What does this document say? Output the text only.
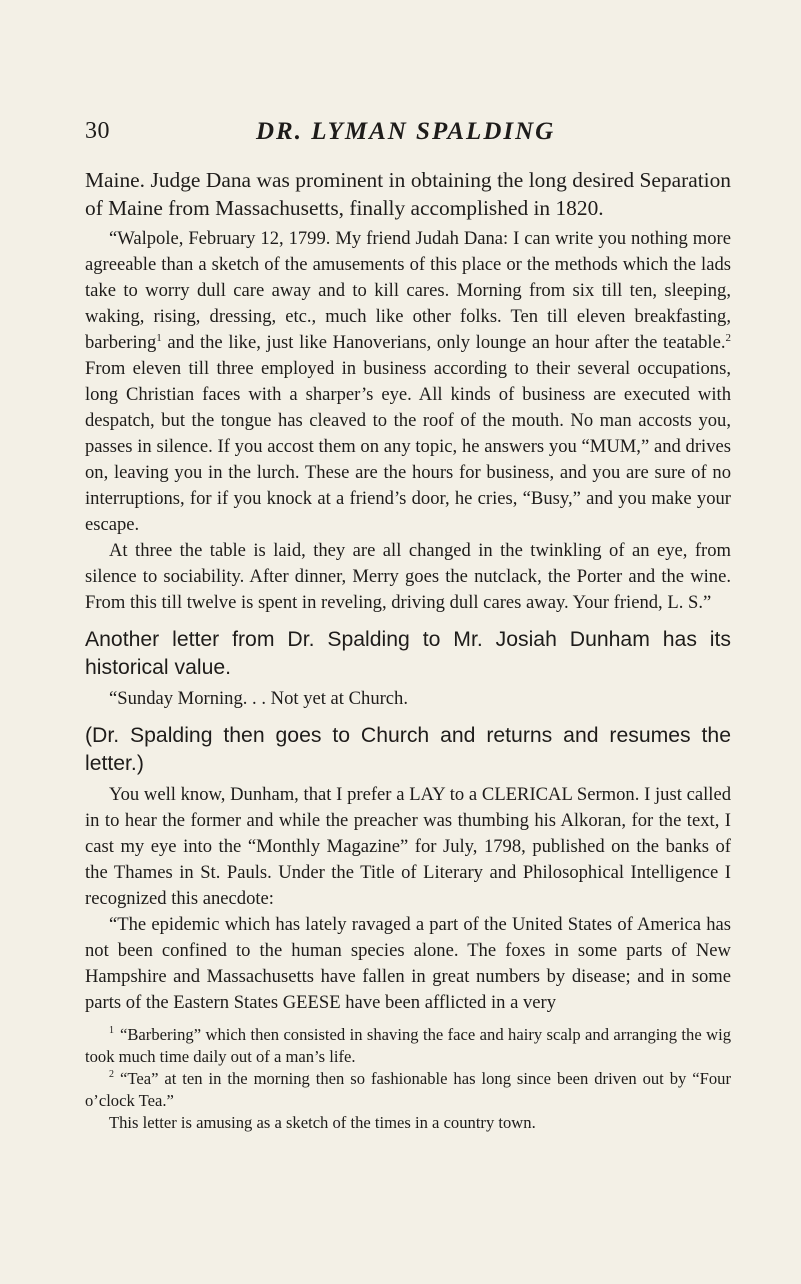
30	DR. LYMAN SPALDING

Maine. Judge Dana was prominent in obtaining the long desired Separation of Maine from Massachusetts, finally accomplished in 1820.

“Walpole, February 12, 1799. My friend Judah Dana: I can write you nothing more agreeable than a sketch of the amusements of this place or the methods which the lads take to worry dull care away and to kill cares. Morning from six till ten, sleeping, waking, rising, dressing, etc., much like other folks. Ten till eleven breakfasting, barbering$^1$ and the like, just like Hanoverians, only lounge an hour after the teatable.$^2$ From eleven till three employed in business according to their several occupations, long Christian faces with a sharper’s eye. All kinds of business are executed with despatch, but the tongue has cleaved to the roof of the mouth. No man accosts you, passes in silence. If you accost them on any topic, he answers you “MUM,” and drives on, leaving you in the lurch. These are the hours for business, and you are sure of no interruptions, for if you knock at a friend’s door, he cries, “Busy,” and you make your escape.

At three the table is laid, they are all changed in the twinkling of an eye, from silence to sociability. After dinner, Merry goes the nutclack, the Porter and the wine. From this till twelve is spent in reveling, driving dull cares away. Your friend, L. S.”

Another letter from Dr. Spalding to Mr. Josiah Dunham has its historical value.

“Sunday Morning. . . Not yet at Church.

(Dr. Spalding then goes to Church and returns and resumes the letter.)

You well know, Dunham, that I prefer a LAY to a CLERICAL Sermon. I just called in to hear the former and while the preacher was thumbing his Alkoran, for the text, I cast my eye into the “Monthly Magazine” for July, 1798, published on the banks of the Thames in St. Pauls. Under the Title of Literary and Philosophical Intelligence I recognized this anecdote:

“The epidemic which has lately ravaged a part of the United States of America has not been confined to the human species alone. The foxes in some parts of New Hampshire and Massachusetts have fallen in great numbers by disease; and in some parts of the Eastern States GEESE have been afflicted in a very

$^1$ “Barbering” which then consisted in shaving the face and hairy scalp and arranging the wig took much time daily out of a man’s life.

$^2$ “Tea” at ten in the morning then so fashionable has long since been driven out by “Four o’clock Tea.”

This letter is amusing as a sketch of the times in a country town.
